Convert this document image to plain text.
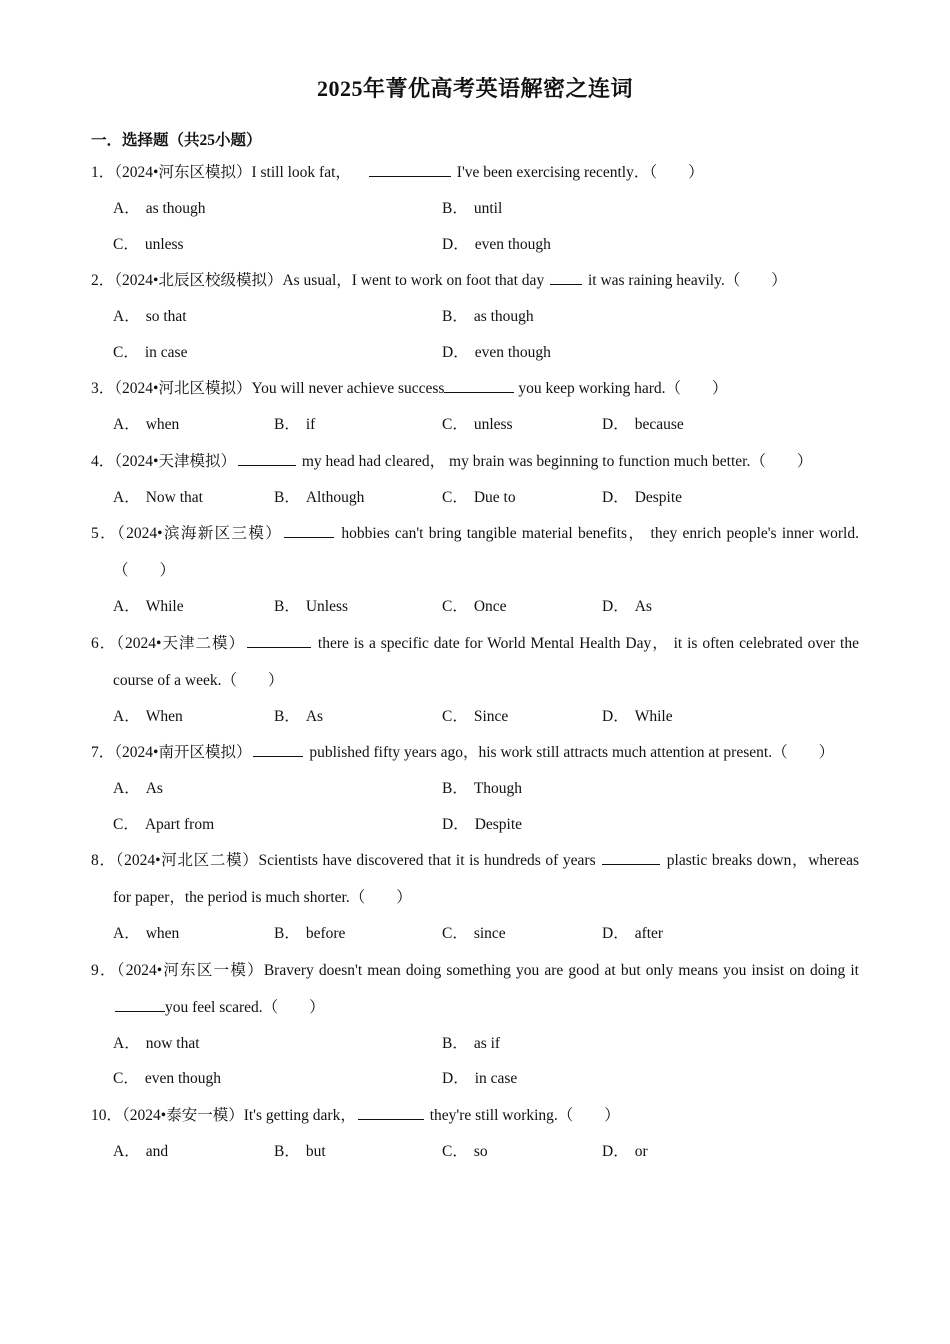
2025年菁优高考英语解密之连词
一．选择题（共25小题）
1．（2024•河东区模拟）I still look fat，	I've been exercising recently．（　　）
A． as though	B． until
C． unless	D． even though
2．（2024•北辰区校级模拟）As usual，I went to work on foot that day	it was raining heavily.（　　）
A． so that	B． as though
C． in case	D． even though
3．（2024•河北区模拟）You will never achieve success	you keep working hard.（　　）
A． when	B． if	C． unless	D． because
4．（2024•天津模拟）	my head had cleared， my brain was beginning to function much better.（　　）
A． Now that	B． Although	C． Due to	D． Despite
5．（2024•滨海新区三模）	hobbies can't bring tangible material benefits， they enrich people's inner world.（　　）
A． While	B． Unless	C． Once	D． As
6．（2024•天津二模）	there is a specific date for World Mental Health Day， it is often celebrated over the course of a week.（　　）
A． When	B． As	C． Since	D． While
7．（2024•南开区模拟）	published fifty years ago，his work still attracts much attention at present.（　　）
A． As	B． Though
C． Apart from	D． Despite
8．（2024•河北区二模）Scientists have discovered that it is hundreds of years	plastic breaks down，whereas for paper，the period is much shorter.（　　）
A． when	B． before	C． since	D． after
9．（2024•河东区一模）Bravery doesn't mean doing something you are good at but only means you insist on doing it you feel scared.（　　）
A． now that	B． as if
C． even though	D． in case
10．（2024•泰安一模）It's getting dark，	they're still working.（　　）
A． and	B． but	C． so	D． or
